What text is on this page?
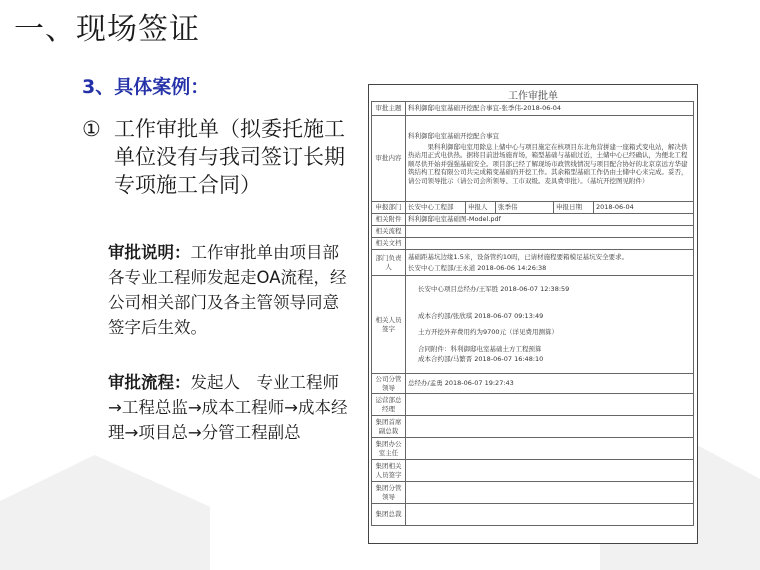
一、现场签证
3、具体案例：
① 工作审批单（拟委托施工单位没有与我司签订长期专项施工合同）
审批说明：工作审批单由项目部各专业工程师发起走OA流程，经公司相关部门及各主管领导同意签字后生效。
审批流程：发起人　专业工程师→工程总监→成本工程师→成本经理→项目总→分管工程副总
工作审批单
审批主题	科利御邸电室基础开挖配合事宜-张季伟-2018-06-04				
审批内容	科利御邸电室基础开挖配合事宜
　　　果科利御邸电室用除息上储中心与项目施定在核项目东北角营拼建一座箱式变电站，解决供热站用正式电供热。据将目前进场施育场，箱型基础与基础过近，土储中心已经确认，为便北工程顺尽供开始并强强基础安全。项目部已经了解现场市政管线情况与项目配合协好的北京京远方华建筑结构工程有限公司共完成箱变基础的开挖工作。其余箱型基础工作仍由土储中心来完成。妥否，请公司领导批示（请公司会所领导、工市双级。麦具费审批）。（基坑开挖图见附件）				

申报部门	长安中心工程部	申报人	张季伟	申报日期	2018-06-04
相关附件	科利御邸电室基础图-Model.pdf				
相关流程					
相关文档					
部门负责人	基础距基坑边缘1.5米，设备管约10吗，已请材施程要箱模足基坑安全要求。
长安中心工程部/王永道 2018-06-06 14:26:38				

相关人员签字	长安中心项目总经办/王军胜 2018-06-07 12:38:59
成本合约部/张欣琪 2018-06-07 09:13:49
土方开挖外弃费用约为9700元（详见费用测算）
合同附件：科利御邸电室基础土方工程预算
成本合约部/马繁晋 2018-06-07 16:48:10				

公司分管领导	总经办/孟勇 2018-06-07 19:27:43				
运营部总经理					
集团首席副总裁					
集团办公室主任					
集团相关人员签字					
集团分管领导					
集团总裁					
